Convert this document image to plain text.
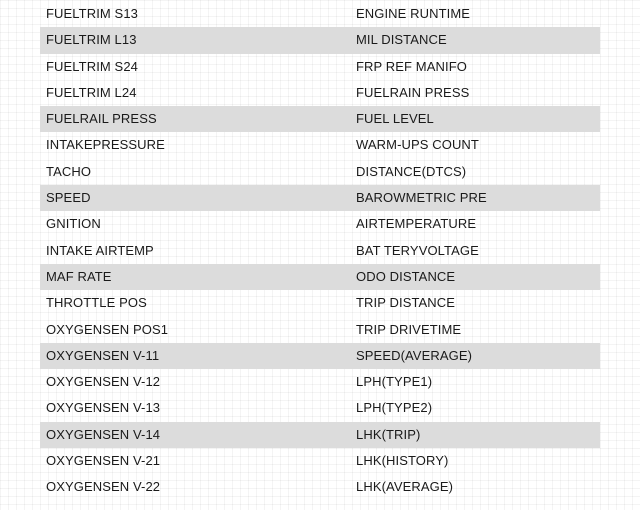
FUELTRIM S13	ENGINE RUNTIME
FUELTRIM L13	MIL DISTANCE
FUELTRIM S24	FRP REF MANIFO
FUELTRIM L24	FUELRAIN PRESS
FUELRAIL PRESS	FUEL LEVEL
INTAKEPRESSURE	WARM-UPS COUNT
TACHO	DISTANCE(DTCS)
SPEED	BAROWMETRIC PRE
GNITION	AIRTEMPERATURE
INTAKE AIRTEMP	BAT TERYVOLTAGE
MAF RATE	ODO DISTANCE
THROTTLE POS	TRIP DISTANCE
OXYGENSEN POS1	TRIP DRIVETIME
OXYGENSEN V-11	SPEED(AVERAGE)
OXYGENSEN V-12	LPH(TYPE1)
OXYGENSEN V-13	LPH(TYPE2)
OXYGENSEN V-14	LHK(TRIP)
OXYGENSEN V-21	LHK(HISTORY)
OXYGENSEN V-22	LHK(AVERAGE)
